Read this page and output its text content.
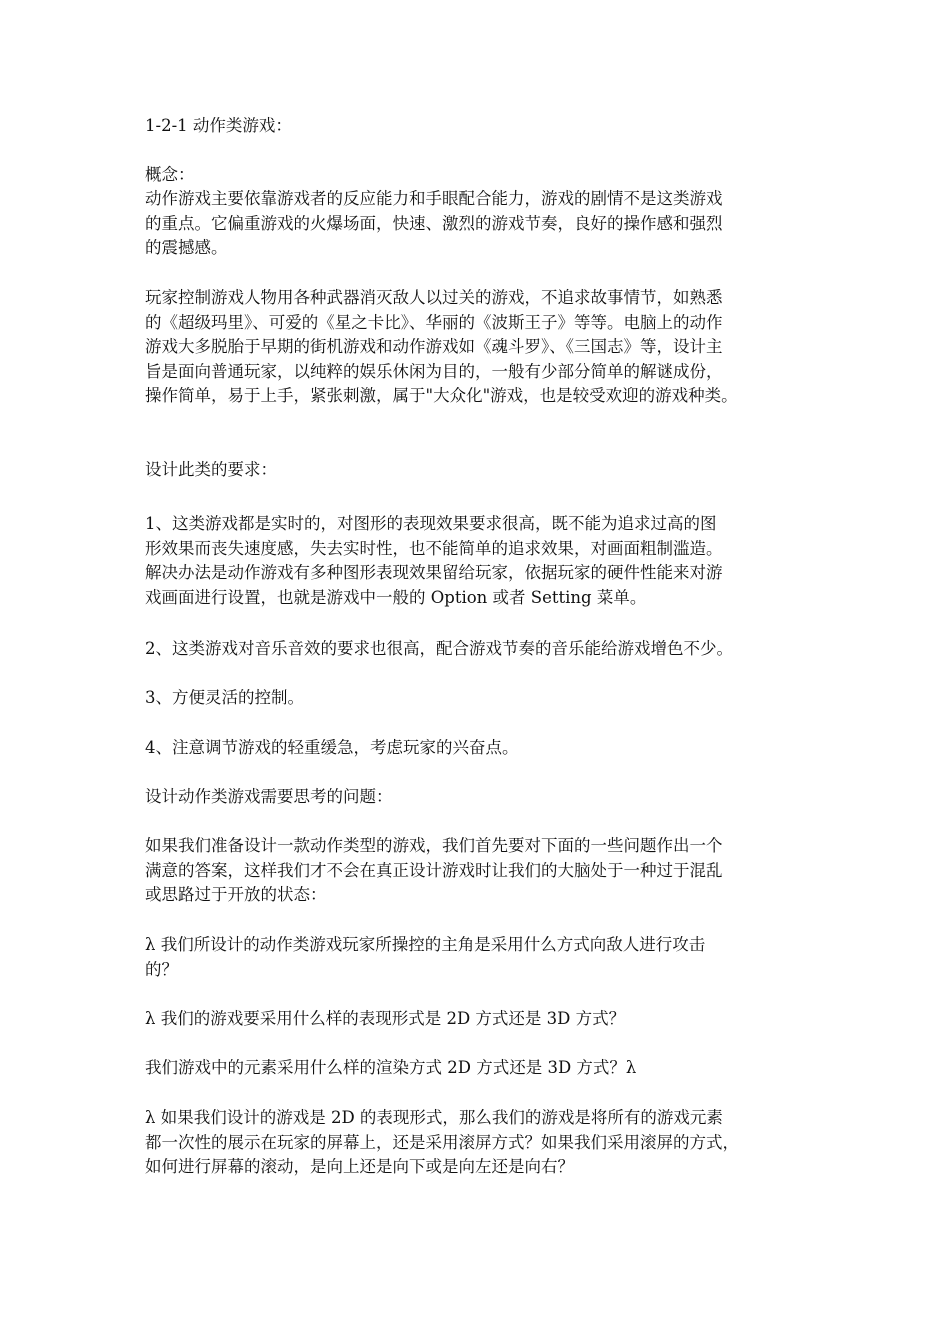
1-2-1 动作类游戏：

概念：

动作游戏主要依靠游戏者的反应能力和手眼配合能力，游戏的剧情不是这类游戏
的重点。它偏重游戏的火爆场面，快速、激烈的游戏节奏，良好的操作感和强烈
的震撼感。
玩家控制游戏人物用各种武器消灭敌人以过关的游戏，不追求故事情节，如熟悉
的《超级玛里》、可爱的《星之卡比》、华丽的《波斯王子》等等。电脑上的动作
游戏大多脱胎于早期的街机游戏和动作游戏如《魂斗罗》、《三国志》等，设计主
旨是面向普通玩家，以纯粹的娱乐休闲为目的，一般有少部分简单的解谜成份，
操作简单，易于上手，紧张刺激，属于"大众化"游戏，也是较受欢迎的游戏种类。

设计此类的要求：

1、这类游戏都是实时的，对图形的表现效果要求很高，既不能为追求过高的图
形效果而丧失速度感，失去实时性，也不能简单的追求效果，对画面粗制滥造。
解决办法是动作游戏有多种图形表现效果留给玩家，依据玩家的硬件性能来对游
戏画面进行设置，也就是游戏中一般的 Option 或者 Setting 菜单。

2、这类游戏对音乐音效的要求也很高，配合游戏节奏的音乐能给游戏增色不少。

3、方便灵活的控制。

4、注意调节游戏的轻重缓急，考虑玩家的兴奋点。

设计动作类游戏需要思考的问题：

如果我们准备设计一款动作类型的游戏，我们首先要对下面的一些问题作出一个
满意的答案，这样我们才不会在真正设计游戏时让我们的大脑处于一种过于混乱
或思路过于开放的状态：
λ 我们所设计的动作类游戏玩家所操控的主角是采用什么方式向敌人进行攻击
的？

λ 我们的游戏要采用什么样的表现形式是 2D 方式还是 3D 方式？

我们游戏中的元素采用什么样的渲染方式 2D 方式还是 3D 方式？λ

λ 如果我们设计的游戏是 2D 的表现形式，那么我们的游戏是将所有的游戏元素
都一次性的展示在玩家的屏幕上，还是采用滚屏方式？如果我们采用滚屏的方式，
如何进行屏幕的滚动，是向上还是向下或是向左还是向右？
